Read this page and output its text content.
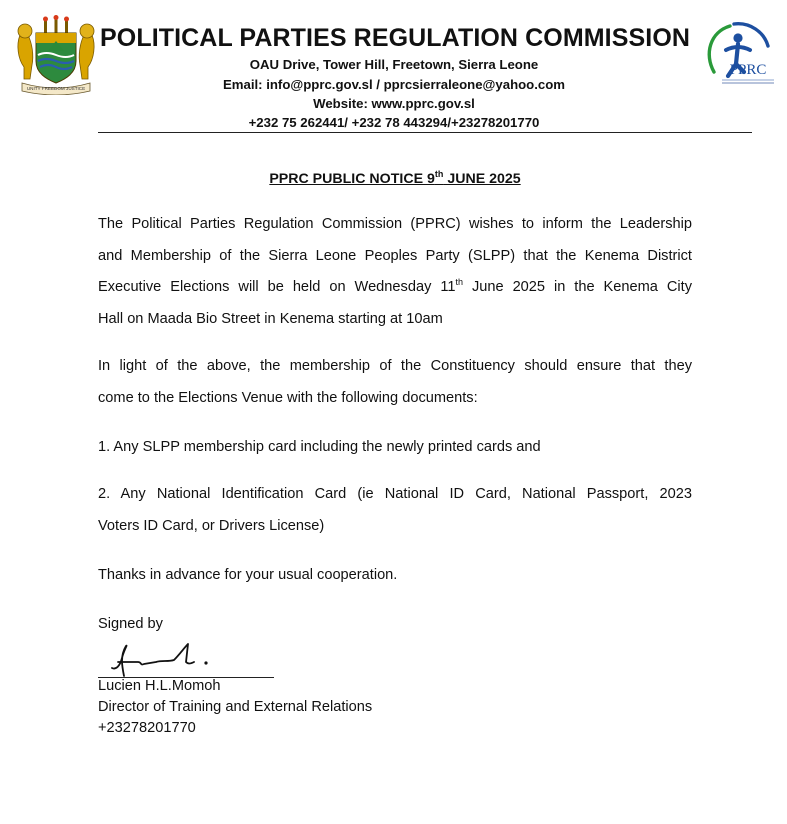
UNITY FREEDOM JUSTICE
POLITICAL PARTIES REGULATION COMMISSION
OAU Drive, Tower Hill, Freetown, Sierra Leone
Email: info@pprc.gov.sl / pprcsierraleone@yahoo.com
Website: www.pprc.gov.sl
+232 75 262441/ +232 78 443294/+23278201770
PPRC
PPRC PUBLIC NOTICE 9th JUNE 2025
The Political Parties Regulation Commission (PPRC) wishes to inform the Leadership
and Membership of the Sierra Leone Peoples Party (SLPP) that the Kenema District
Executive Elections will be held on Wednesday 11th June 2025 in the Kenema City
Hall on Maada Bio Street in Kenema starting at 10am
In light of the above, the membership of the Constituency should ensure that they
come to the Elections Venue with the following documents:
1. Any SLPP membership card including the newly printed cards and
2. Any National Identification Card (ie National ID Card, National Passport, 2023
Voters ID Card, or Drivers License)
Thanks in advance for your usual cooperation.
Signed by
Lucien H.L.Momoh
Director of Training and External Relations
+23278201770
